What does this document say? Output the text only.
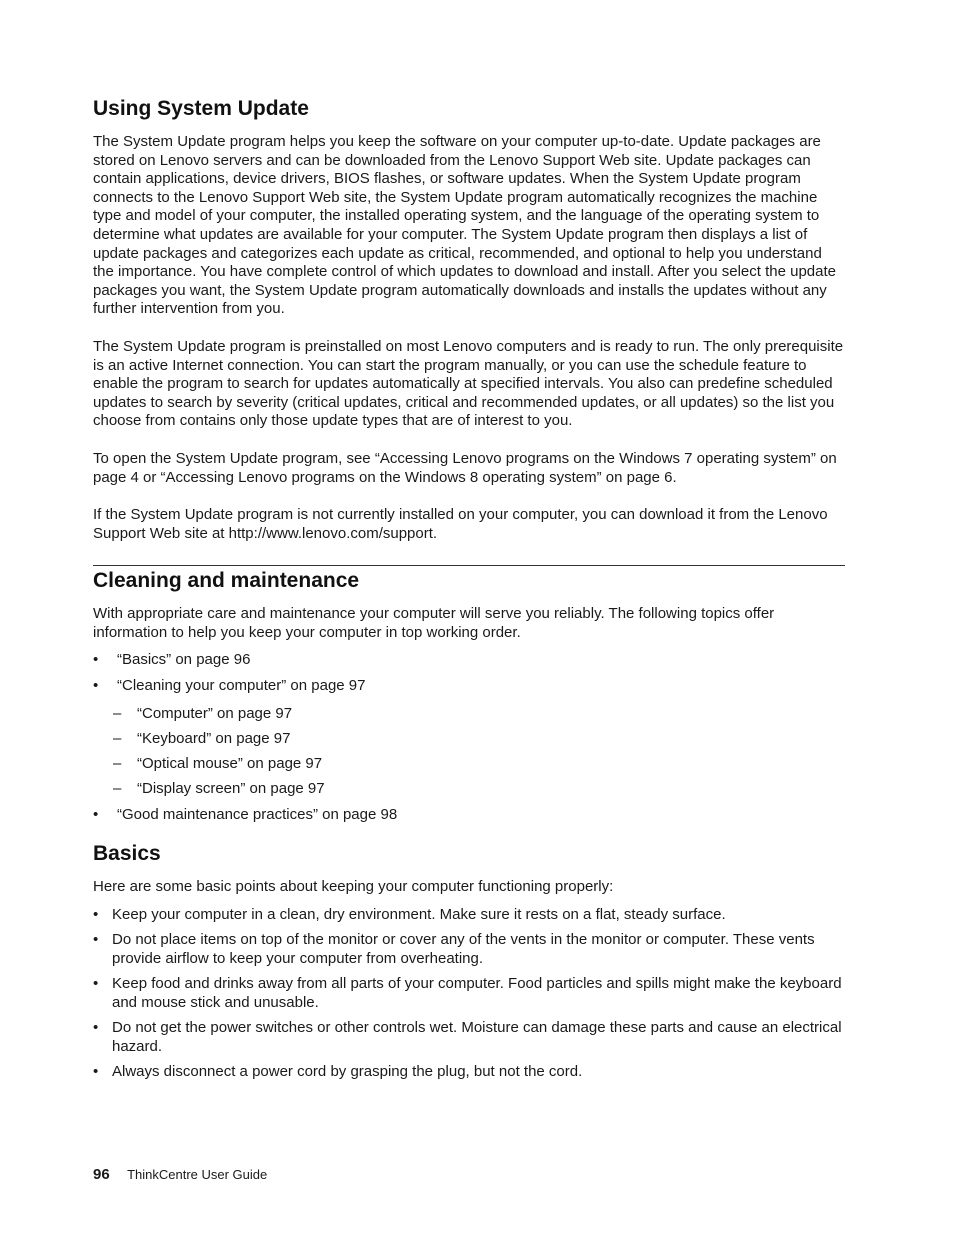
Using System Update

The System Update program helps you keep the software on your computer up-to-date. Update packages are stored on Lenovo servers and can be downloaded from the Lenovo Support Web site. Update packages can contain applications, device drivers, BIOS flashes, or software updates. When the System Update program connects to the Lenovo Support Web site, the System Update program automatically recognizes the machine type and model of your computer, the installed operating system, and the language of the operating system to determine what updates are available for your computer. The System Update program then displays a list of update packages and categorizes each update as critical, recommended, and optional to help you understand the importance. You have complete control of which updates to download and install. After you select the update packages you want, the System Update program automatically downloads and installs the updates without any further intervention from you.

The System Update program is preinstalled on most Lenovo computers and is ready to run. The only prerequisite is an active Internet connection. You can start the program manually, or you can use the schedule feature to enable the program to search for updates automatically at specified intervals. You also can predefine scheduled updates to search by severity (critical updates, critical and recommended updates, or all updates) so the list you choose from contains only those update types that are of interest to you.

To open the System Update program, see “Accessing Lenovo programs on the Windows 7 operating system” on page 4 or “Accessing Lenovo programs on the Windows 8 operating system” on page 6.

If the System Update program is not currently installed on your computer, you can download it from the Lenovo Support Web site at http://www.lenovo.com/support.

Cleaning and maintenance

With appropriate care and maintenance your computer will serve you reliably. The following topics offer information to help you keep your computer in top working order.

• “Basics” on page 96
• “Cleaning your computer” on page 97
– “Computer” on page 97
– “Keyboard” on page 97
– “Optical mouse” on page 97
– “Display screen” on page 97
• “Good maintenance practices” on page 98
Basics

Here are some basic points about keeping your computer functioning properly:

• Keep your computer in a clean, dry environment. Make sure it rests on a flat, steady surface.
• Do not place items on top of the monitor or cover any of the vents in the monitor or computer. These vents provide airflow to keep your computer from overheating.
• Keep food and drinks away from all parts of your computer. Food particles and spills might make the keyboard and mouse stick and unusable.
• Do not get the power switches or other controls wet. Moisture can damage these parts and cause an electrical hazard.
• Always disconnect a power cord by grasping the plug, but not the cord.
96 ThinkCentre User Guide
